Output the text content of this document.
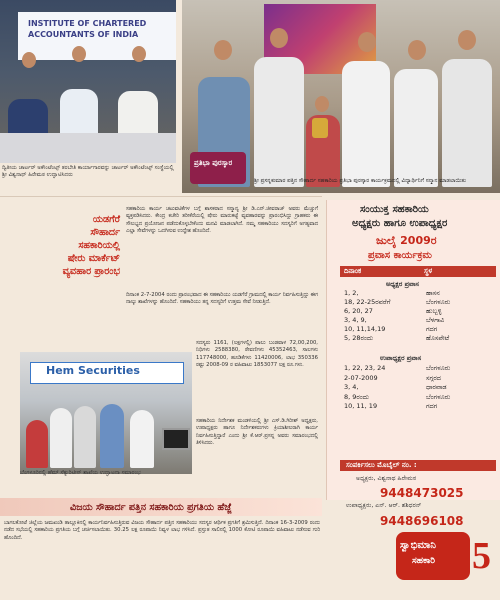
INSTITUTE OF CHARTERED ACCOUNTANTS OF INDIA
ದ್ವಿತೀಯ ಚಾರ್ಟರ್ ಅಕೌಂಟೆಂಟ್ಸ್ ತರಬೇತಿ ಕಾರ್ಯಾಗಾರವನ್ನು ಚಾರ್ಟರ್ ಅಕೌಂಟೆಂಟ್ಸ್ ಸಂಸ್ಥೆಯಲ್ಲಿ ಶ್ರೀ ವಿಶ್ವನಾಥ್ ಹಿರೇಮಠ ಉದ್ಘಾಟಿಸಿದರು
ಪ್ರತಿಭಾ ಪುರಸ್ಕಾರ
ಶ್ರೀ ಪ್ರಸನ್ನಕುಮಾರ ಪತ್ತಿನ ಸೌಹಾರ್ದ ಸಹಕಾರಿಯ ಪ್ರತಿಭಾ ಪುರಸ್ಕಾರ ಕಾರ್ಯಕ್ರಮದಲ್ಲಿ ವಿದ್ಯಾರ್ಥಿನಿಗೆ ಸನ್ಮಾನ ಮಾಡಲಾಯಿತು
ಯಡಗೆರೆ ಸೌಹಾರ್ದ ಸಹಕಾರಿಯಲ್ಲಿ ಷೇರು ಮಾರ್ಕೆಟ್ ವ್ಯವಹಾರ ಪ್ರಾರಂಭ
ಸಹಕಾರಿಯ ಕಾರ್ಯ ಚಟುವಟಿಕೆಗಳ ಬಗ್ಗೆ ಶಾಸಕರಾದ ಸನ್ಮಾನ್ಯ ಶ್ರೀ ಡಿ.ಎನ್.ಜೀವರಾಜ್ ಅವರು ಮೆಚ್ಚುಗೆ ವ್ಯಕ್ತಪಡಿಸಿದರು. ಕೇಂದ್ರ ಕಚೇರಿ ತರೀಕೆರೆಯಲ್ಲಿ ಷೇರು ಮಾರುಕಟ್ಟೆ ವ್ಯವಹಾರವನ್ನು ಪ್ರಾರಂಭಿಸಿದ್ದು ಗ್ರಾಹಕರು ಈ ಸೌಲಭ್ಯದ ಪ್ರಯೋಜನ ಪಡೆದುಕೊಳ್ಳಬೇಕೆಂದು ಮನವಿ ಮಾಡಲಾಗಿದೆ. ನಮ್ಮ ಸಹಕಾರಿಯು ಸದಸ್ಯರಿಗೆ ಅಗತ್ಯವಾದ ಎಲ್ಲಾ ಸೇವೆಗಳನ್ನು ಒದಗಿಸುವ ಉದ್ದೇಶ ಹೊಂದಿದೆ.
ದಿನಾಂಕ 2-7-2004 ರಂದು ಪ್ರಾರಂಭವಾದ ಈ ಸಹಕಾರಿಯು ಯಡಗೆರೆ ಗ್ರಾಮದಲ್ಲಿ ಕಾರ್ಯ ನಿರ್ವಹಿಸುತ್ತಿದ್ದು ಈಗ ನಾಲ್ಕು ಶಾಖೆಗಳನ್ನು ಹೊಂದಿದೆ. ಸಹಕಾರಿಯು ತನ್ನ ಸದಸ್ಯರಿಗೆ ಉತ್ತಮ ಸೇವೆ ನೀಡುತ್ತಿದೆ.
ಸದಸ್ಯರು 1161, (ಲಕ್ಷಗಳಲ್ಲಿ) ಪಾಲು ಬಂಡವಾಳ 72,00,200, ನಿಧಿಗಳು 2588380, ಠೇವಣಿಗಳು 45352463, ಸಾಲಗಳು 117748000, ಹೂಡಿಕೆಗಳು 11420006, ಲಾಭ 350336 ರಷ್ಟು 2008-09 ರ ವಹಿವಾಟು 1853077 ಲಕ್ಷ ರೂ.ಗಳು.
ಸಹಕಾರಿಯ ನಿರ್ದೇಶಕ ಮಂಡಳಿಯಲ್ಲಿ ಶ್ರೀ ಎಸ್.ಡಿ.ಗಿರೀಶ್ ಅಧ್ಯಕ್ಷರು, ಉಪಾಧ್ಯಕ್ಷರು ಹಾಗೂ ನಿರ್ದೇಶಕರುಗಳು ಕ್ರಿಯಾಶೀಲರಾಗಿ ಕಾರ್ಯ ನಿರ್ವಹಿಸುತ್ತಿದ್ದಾರೆ ಎಂದು ಶ್ರೀ ಕೆ.ಆರ್.ಪ್ರಸನ್ನ ಅವರು ಸಮಾರಂಭದಲ್ಲಿ ತಿಳಿಸಿದರು.
Hem Securities
ಬೆಂಗಳೂರಿನಲ್ಲಿ ಹೆಮ್ ಸೆಕ್ಯುರಿಟೀಸ್ ಶಾಖೆಯ ಉದ್ಘಾಟನಾ ಸಮಾರಂಭ
ಸಂಯುಕ್ತ ಸಹಕಾರಿಯ
ಅಧ್ಯಕ್ಷರು ಹಾಗೂ ಉಪಾಧ್ಯಕ್ಷರ
ಜುಲೈ 2009ರ
ಪ್ರವಾಸ ಕಾರ್ಯಕ್ರಮ
ದಿನಾಂಕ	ಸ್ಥಳ
ಅಧ್ಯಕ್ಷರ ಪ್ರವಾಸ
1, 2,	ಹಾಸನ
18, 22-25ರವರೆಗೆ	ಬೆಂಗಳೂರು
6, 20, 27	ಹುಬ್ಬಳ್ಳಿ
3, 4, 9,	ಬೆಳಗಾವಿ
10, 11,14,19	ಗದಗ
5, 28ರಂದು	ಹೊಸಪೇಟೆ
ಉಪಾಧ್ಯಕ್ಷರ ಪ್ರವಾಸ
1, 22, 23, 24	ಬೆಂಗಳೂರು
2-07-2009	ಸಗ್ಗರದ
3, 4,	ಧಾರವಾಡ
8, 9ರಂದು	ಬೆಂಗಳೂರು
10, 11, 19	ಗದಗ
ಸಂಪರ್ಕಿಸಲು ಮೊಬೈಲ್ ನಂ. :
ಅಧ್ಯಕ್ಷರು, ವಿಶ್ವನಾಥ ಹಿರೇಮಠ
9448473025
ಉಪಾಧ್ಯಕ್ಷರು, ಎನ್. ಆರ್. ಶಶಿಧರನ್
9448696108
ವಿಜಯ ಸೌಹಾರ್ದ ಪತ್ತಿನ ಸಹಕಾರಿಯ ಪ್ರಗತಿಯ ಹೆಜ್ಜೆ
ಬಾಗಲಕೋಟೆ ಜಿಲ್ಲೆಯ ಜಮಖಂಡಿ ತಾಲ್ಲೂಕಿನಲ್ಲಿ ಕಾರ್ಯನಿರ್ವಹಿಸುತ್ತಿರುವ ವಿಜಯ ಸೌಹಾರ್ದ ಪತ್ತಿನ ಸಹಕಾರಿಯು ಸದಸ್ಯರ ಆರ್ಥಿಕ ಪ್ರಗತಿಗೆ ಶ್ರಮಿಸುತ್ತಿದೆ. ದಿನಾಂಕ 16-3-2009 ರಂದು ನಡೆದ ಸಭೆಯಲ್ಲಿ ಸಹಕಾರಿಯ ಪ್ರಗತಿಯ ಬಗ್ಗೆ ಚರ್ಚಿಸಲಾಯಿತು. 30.25 ಲಕ್ಷ ರೂಪಾಯಿ ನಿವ್ವಳ ಲಾಭ ಗಳಿಸಿದೆ. ಪ್ರಸ್ತುತ ಸಾಲಿನಲ್ಲಿ 1000 ಕೋಟಿ ರೂಪಾಯಿ ವಹಿವಾಟು ನಡೆಸುವ ಗುರಿ ಹೊಂದಿದೆ.
ಸ್ವಾಭಿಮಾನಿ
ಸಹಕಾರಿ 5
